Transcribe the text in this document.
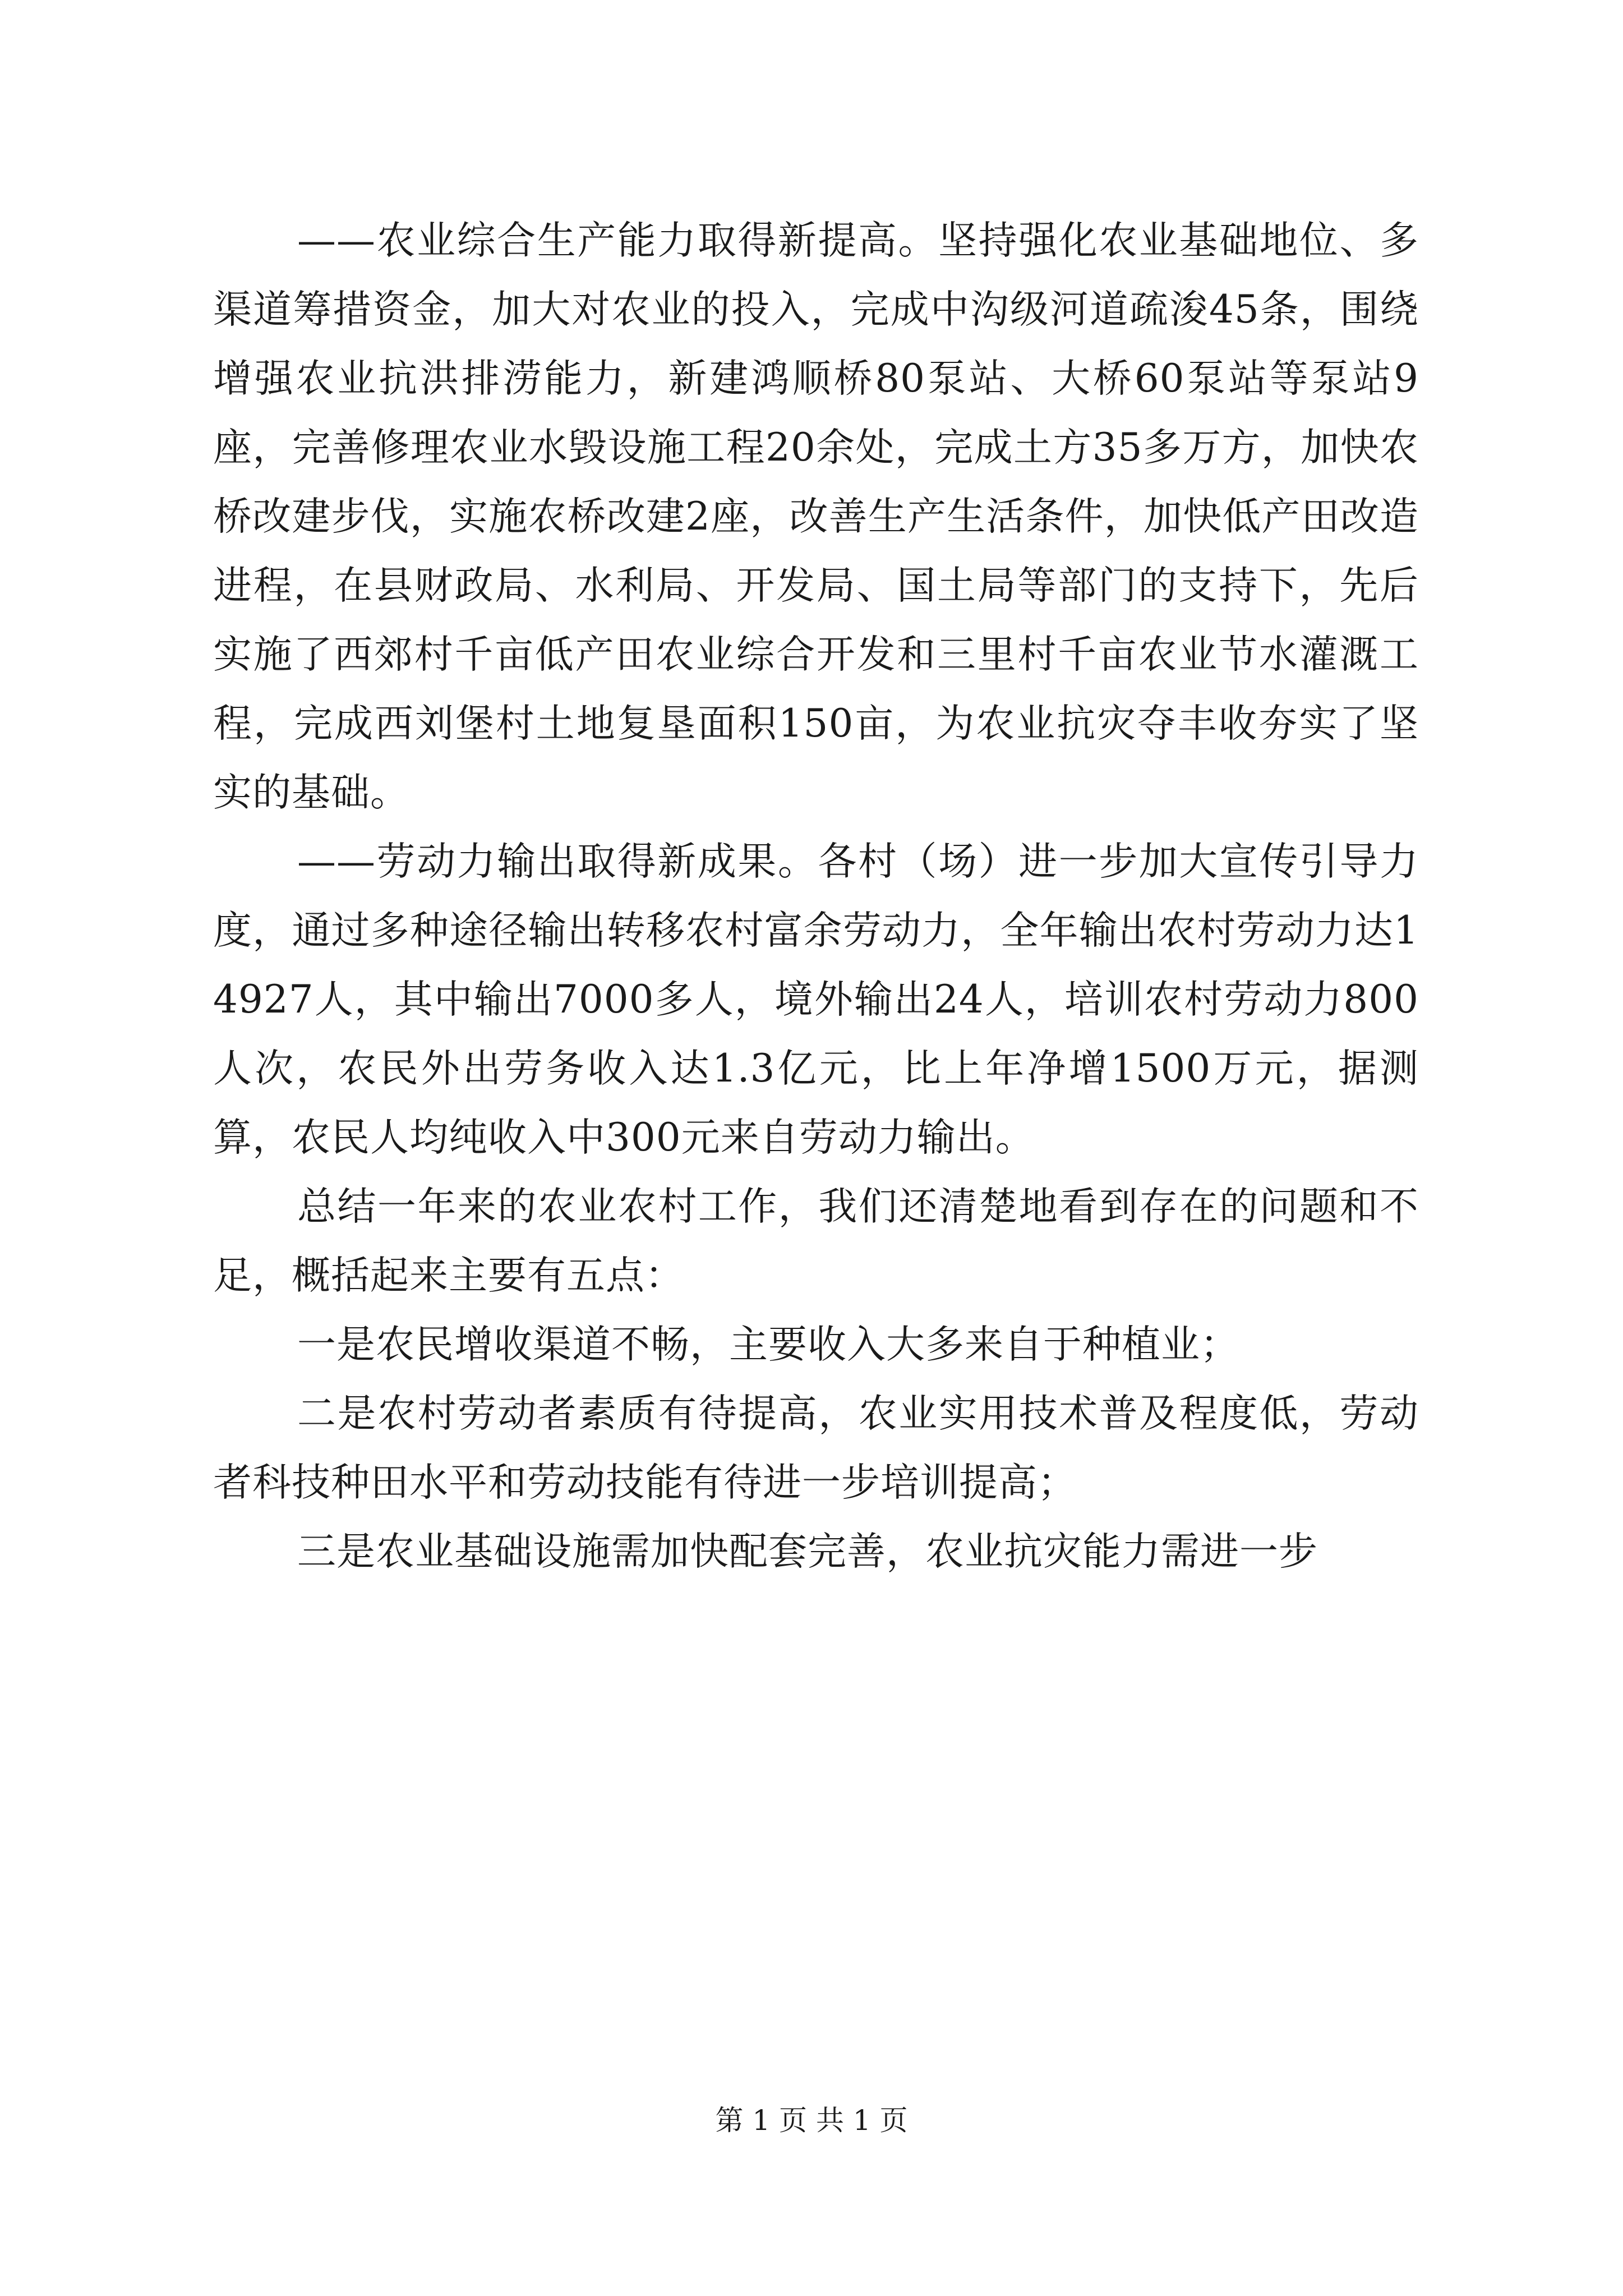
——农业综合生产能力取得新提高。坚持强化农业基础地位、多渠道筹措资金，加大对农业的投入，完成中沟级河道疏浚45条，围绕增强农业抗洪排涝能力，新建鸿顺桥80泵站、大桥60泵站等泵站9座，完善修理农业水毁设施工程20余处，完成土方35多万方，加快农桥改建步伐，实施农桥改建2座，改善生产生活条件，加快低产田改造进程，在县财政局、水利局、开发局、国土局等部门的支持下，先后实施了西郊村千亩低产田农业综合开发和三里村千亩农业节水灌溉工程，完成西刘堡村土地复垦面积150亩，为农业抗灾夺丰收夯实了坚实的基础。

——劳动力输出取得新成果。各村（场）进一步加大宣传引导力度，通过多种途径输出转移农村富余劳动力，全年输出农村劳动力达14927人，其中输出7000多人，境外输出24人，培训农村劳动力800人次，农民外出劳务收入达1.3亿元，比上年净增1500万元，据测算，农民人均纯收入中300元来自劳动力输出。

总结一年来的农业农村工作，我们还清楚地看到存在的问题和不足，概括起来主要有五点：

一是农民增收渠道不畅，主要收入大多来自于种植业；

二是农村劳动者素质有待提高，农业实用技术普及程度低，劳动者科技种田水平和劳动技能有待进一步培训提高；

三是农业基础设施需加快配套完善，农业抗灾能力需进一步

第 1 页 共 1 页
